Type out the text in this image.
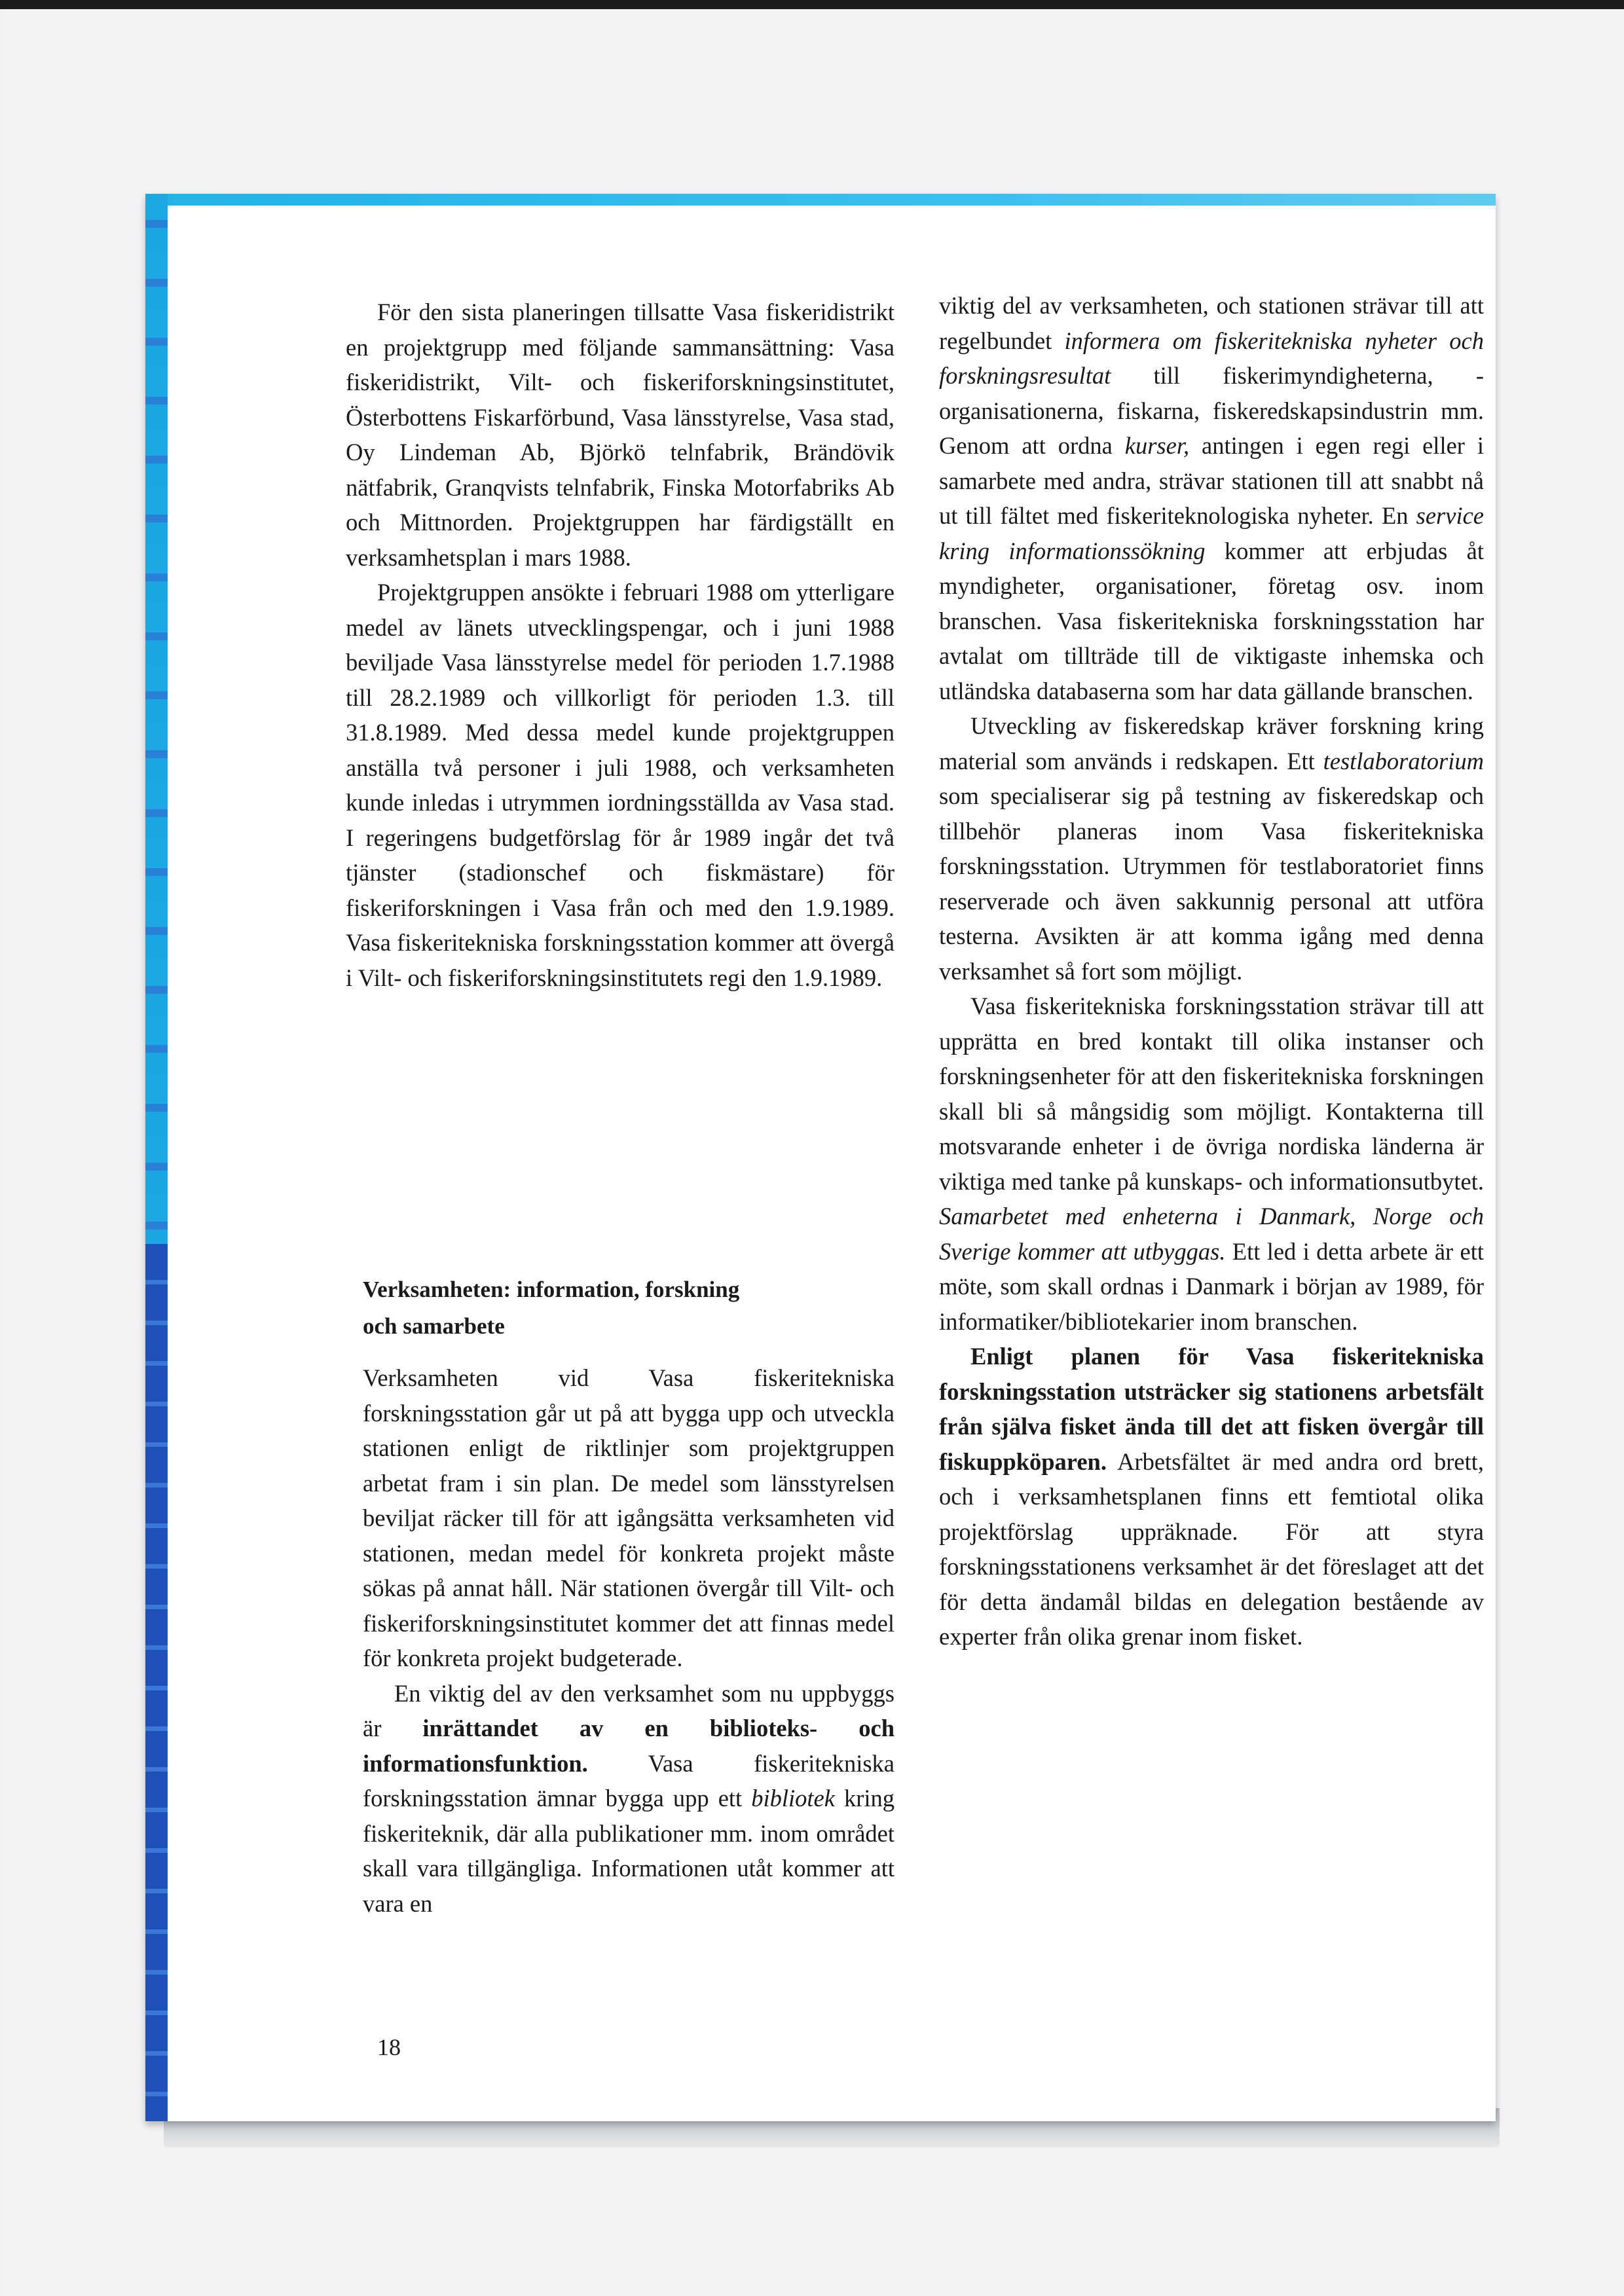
För den sista planeringen tillsatte Vasa fiskeridistrikt en projektgrupp med följande sammansättning: Vasa fiskeridistrikt, Vilt- och fiskeriforskningsinstitutet, Österbottens Fiskarförbund, Vasa länsstyrelse, Vasa stad, Oy Lindeman Ab, Björkö telnfabrik, Brändövik nätfabrik, Granqvists telnfabrik, Finska Motorfabriks Ab och Mittnorden. Projektgruppen har färdigställt en verksamhetsplan i mars 1988.

Projektgruppen ansökte i februari 1988 om ytterligare medel av länets utvecklingspengar, och i juni 1988 beviljade Vasa länsstyrelse medel för perioden 1.7.1988 till 28.2.1989 och villkorligt för perioden 1.3. till 31.8.1989. Med dessa medel kunde projektgruppen anställa två personer i juli 1988, och verksamheten kunde inledas i utrymmen iordningsställda av Vasa stad. I regeringens budgetförslag för år 1989 ingår det två tjänster (stadionschef och fiskmästare) för fiskeriforskningen i Vasa från och med den 1.9.1989. Vasa fiskeritekniska forskningsstation kommer att övergå i Vilt- och fiskeriforskningsinstitutets regi den 1.9.1989.

Verksamheten: information, forskning
och samarbete

Verksamheten vid Vasa fiskeritekniska forskningsstation går ut på att bygga upp och utveckla stationen enligt de riktlinjer som projektgruppen arbetat fram i sin plan. De medel som länsstyrelsen beviljat räcker till för att igångsätta verksamheten vid stationen, medan medel för konkreta projekt måste sökas på annat håll. När stationen övergår till Vilt- och fiskeriforskningsinstitutet kommer det att finnas medel för konkreta projekt budgeterade.

En viktig del av den verksamhet som nu uppbyggs är inrättandet av en biblioteks- och informationsfunktion. Vasa fiskeritekniska forskningsstation ämnar bygga upp ett bibliotek kring fiskeriteknik, där alla publikationer mm. inom området skall vara tillgängliga. Informationen utåt kommer att vara en

viktig del av verksamheten, och stationen strävar till att regelbundet informera om fiskeritekniska nyheter och forskningsresultat till fiskerimyndigheterna, -organisationerna, fiskarna, fiskeredskapsindustrin mm. Genom att ordna kurser, antingen i egen regi eller i samarbete med andra, strävar stationen till att snabbt nå ut till fältet med fiskeriteknologiska nyheter. En service kring informationssökning kommer att erbjudas åt myndigheter, organisationer, företag osv. inom branschen. Vasa fiskeritekniska forskningsstation har avtalat om tillträde till de viktigaste inhemska och utländska databaserna som har data gällande branschen.

Utveckling av fiskeredskap kräver forskning kring material som används i redskapen. Ett testlaboratorium som specialiserar sig på testning av fiskeredskap och tillbehör planeras inom Vasa fiskeritekniska forskningsstation. Utrymmen för testlaboratoriet finns reserverade och även sakkunnig personal att utföra testerna. Avsikten är att komma igång med denna verksamhet så fort som möjligt.

Vasa fiskeritekniska forskningsstation strävar till att upprätta en bred kontakt till olika instanser och forskningsenheter för att den fiskeritekniska forskningen skall bli så mångsidig som möjligt. Kontakterna till motsvarande enheter i de övriga nordiska länderna är viktiga med tanke på kunskaps- och informationsutbytet. Samarbetet med enheterna i Danmark, Norge och Sverige kommer att utbyggas. Ett led i detta arbete är ett möte, som skall ordnas i Danmark i början av 1989, för informatiker/bibliotekarier inom branschen.

Enligt planen för Vasa fiskeritekniska forskningsstation utsträcker sig stationens arbetsfält från själva fisket ända till det att fisken övergår till fiskuppköparen. Arbetsfältet är med andra ord brett, och i verksamhetsplanen finns ett femtiotal olika projektförslag uppräknade. För att styra forskningsstationens verksamhet är det föreslaget att det för detta ändamål bildas en delegation bestående av experter från olika grenar inom fisket.

18
